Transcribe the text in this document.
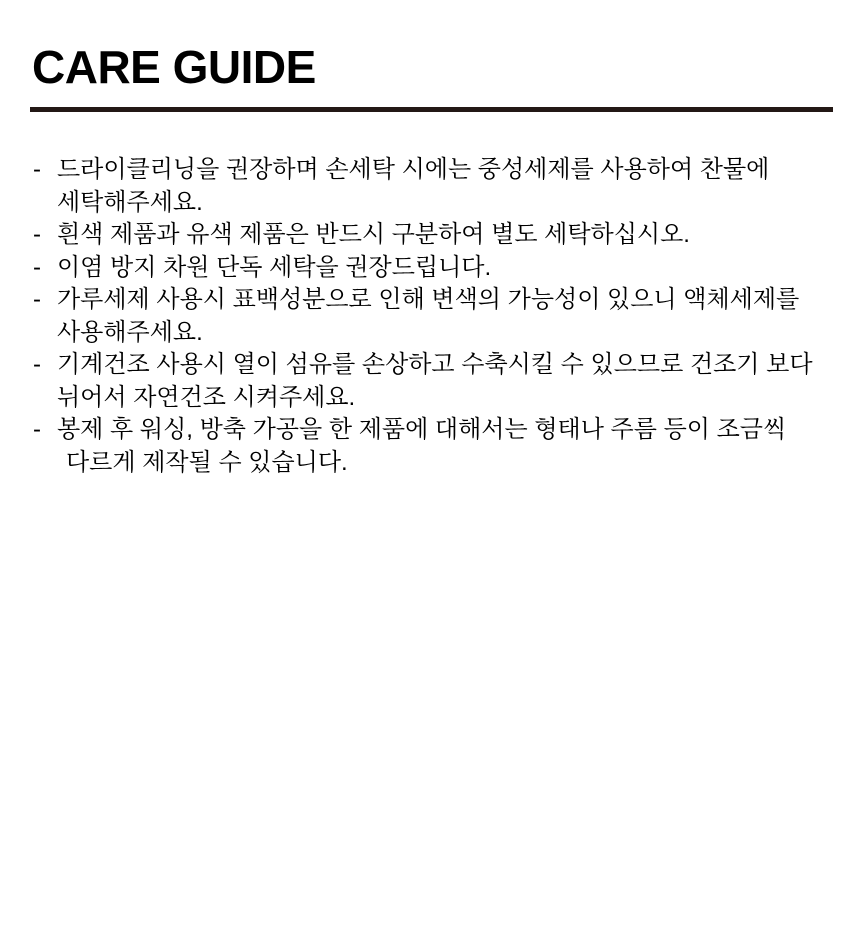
CARE GUIDE
- 드라이클리닝을 권장하며 손세탁 시에는 중성세제를 사용하여 찬물에
세탁해주세요.
- 흰색 제품과 유색 제품은 반드시 구분하여 별도 세탁하십시오.
- 이염 방지 차원 단독 세탁을 권장드립니다.
- 가루세제 사용시 표백성분으로 인해 변색의 가능성이 있으니 액체세제를
사용해주세요.
- 기계건조 사용시 열이 섬유를 손상하고 수축시킬 수 있으므로 건조기 보다
뉘어서 자연건조 시켜주세요.
- 봉제 후 워싱, 방축 가공을 한 제품에 대해서는 형태나 주름 등이 조금씩
다르게 제작될 수 있습니다.
